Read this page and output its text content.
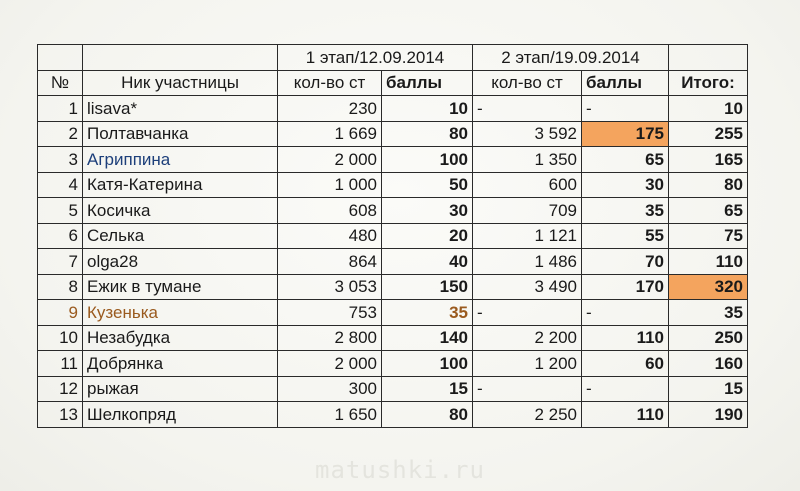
		1 этап/12.09.2014		2 этап/19.09.2014		
№	Ник участницы	кол-во ст	баллы	кол-во ст	баллы	Итого:
1	lisava*	230	10	-	-	10
2	Полтавчанка	1 669	80	3 592	175	255
3	Агриппина	2 000	100	1 350	65	165
4	Катя-Катерина	1 000	50	600	30	80
5	Косичка	608	30	709	35	65
6	Селька	480	20	1 121	55	75
7	olga28	864	40	1 486	70	110
8	Ежик в тумане	3 053	150	3 490	170	320
9	Кузенька	753	35	-	-	35
10	Незабудка	2 800	140	2 200	110	250
11	Добрянка	2 000	100	1 200	60	160
12	рыжая	300	15	-	-	15
13	Шелкопряд	1 650	80	2 250	110	190
matushki.ru
